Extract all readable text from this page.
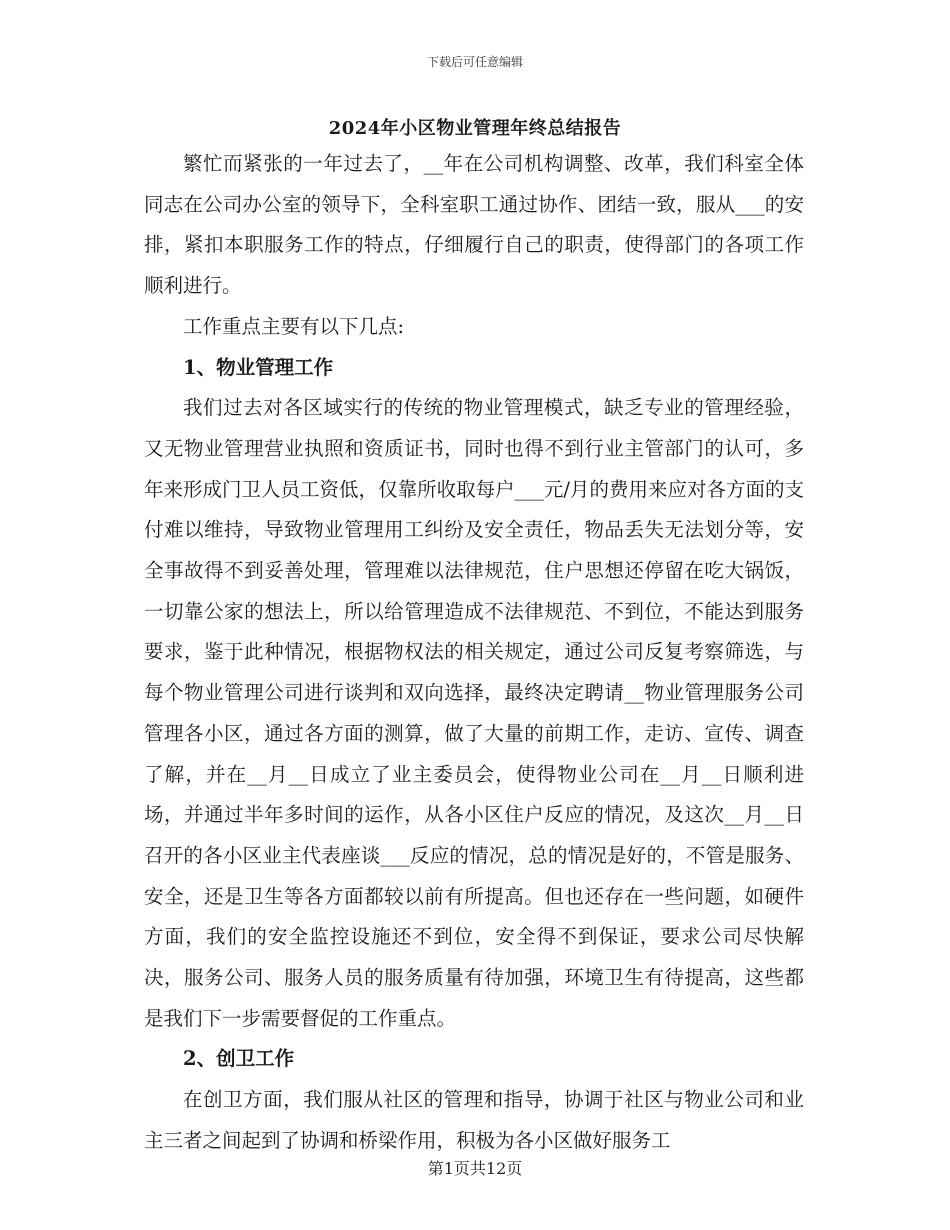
下载后可任意编辑
2024年小区物业管理年终总结报告

繁忙而紧张的一年过去了，__年在公司机构调整、改革，我们科室全体同志在公司办公室的领导下，全科室职工通过协作、团结一致，服从___的安排，紧扣本职服务工作的特点，仔细履行自己的职责，使得部门的各项工作顺利进行。

工作重点主要有以下几点:

1、物业管理工作

我们过去对各区域实行的传统的物业管理模式，缺乏专业的管理经验，又无物业管理营业执照和资质证书，同时也得不到行业主管部门的认可，多年来形成门卫人员工资低，仅靠所收取每户___元/月的费用来应对各方面的支付难以维持，导致物业管理用工纠纷及安全责任，物品丢失无法划分等，安全事故得不到妥善处理，管理难以法律规范，住户思想还停留在吃大锅饭，一切靠公家的想法上，所以给管理造成不法律规范、不到位，不能达到服务要求，鉴于此种情况，根据物权法的相关规定，通过公司反复考察筛选，与每个物业管理公司进行谈判和双向选择，最终决定聘请__物业管理服务公司管理各小区，通过各方面的测算，做了大量的前期工作，走访、宣传、调查了解，并在__月__日成立了业主委员会，使得物业公司在__月__日顺利进场，并通过半年多时间的运作，从各小区住户反应的情况，及这次__月__日召开的各小区业主代表座谈___反应的情况，总的情况是好的，不管是服务、安全，还是卫生等各方面都较以前有所提高。但也还存在一些问题，如硬件方面，我们的安全监控设施还不到位，安全得不到保证，要求公司尽快解决，服务公司、服务人员的服务质量有待加强，环境卫生有待提高，这些都是我们下一步需要督促的工作重点。

2、创卫工作

在创卫方面，我们服从社区的管理和指导，协调于社区与物业公司和业主三者之间起到了协调和桥梁作用，积极为各小区做好服务工

第1页共12页
